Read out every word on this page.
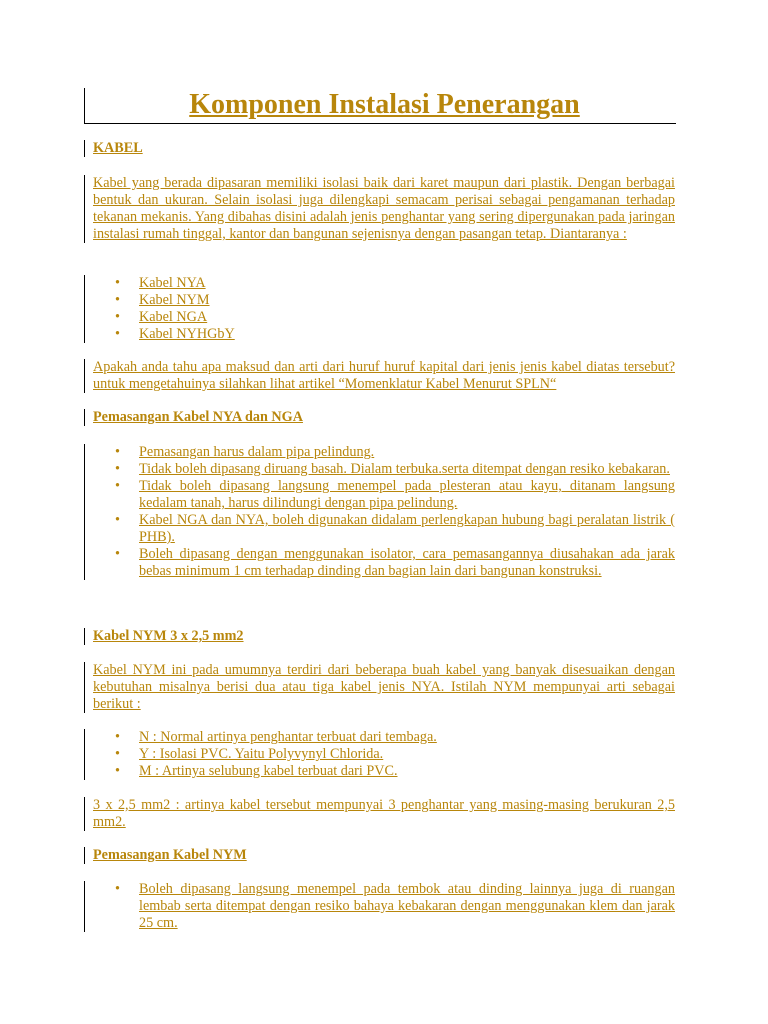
Komponen Instalasi Penerangan
KABEL
Kabel yang berada dipasaran memiliki isolasi baik dari karet maupun dari plastik. Dengan berbagai bentuk dan ukuran. Selain isolasi juga dilengkapi semacam perisai sebagai pengamanan terhadap tekanan mekanis. Yang dibahas disini adalah jenis penghantar yang sering dipergunakan pada jaringan instalasi rumah tinggal, kantor dan bangunan sejenisnya dengan pasangan tetap. Diantaranya :
• Kabel NYA
• Kabel NYM
• Kabel NGA
• Kabel NYHGbY
Apakah anda tahu apa maksud dan arti dari huruf huruf kapital dari jenis jenis kabel diatas tersebut? untuk mengetahuinya silahkan lihat artikel “Momenklatur Kabel Menurut SPLN“
Pemasangan Kabel NYA dan NGA
• Pemasangan harus dalam pipa pelindung.
• Tidak boleh dipasang diruang basah. Dialam terbuka.serta ditempat dengan resiko kebakaran.
• Tidak boleh dipasang langsung menempel pada plesteran atau kayu, ditanam langsung kedalam tanah, harus dilindungi dengan pipa pelindung.
• Kabel NGA dan NYA, boleh digunakan didalam perlengkapan hubung bagi peralatan listrik ( PHB).
• Boleh dipasang dengan menggunakan isolator, cara pemasangannya diusahakan ada jarak bebas minimum 1 cm terhadap dinding dan bagian lain dari bangunan konstruksi.
Kabel NYM 3 x 2,5 mm2
Kabel NYM ini pada umumnya terdiri dari beberapa buah kabel yang banyak disesuaikan dengan kebutuhan misalnya berisi dua atau tiga kabel jenis NYA. Istilah NYM mempunyai arti sebagai berikut :
• N : Normal artinya penghantar terbuat dari tembaga.
• Y : Isolasi PVC. Yaitu Polyvynyl Chlorida.
• M : Artinya selubung kabel terbuat dari PVC.
3 x 2,5 mm2 : artinya kabel tersebut mempunyai 3 penghantar yang masing-masing berukuran 2,5 mm2.
Pemasangan Kabel NYM
• Boleh dipasang langsung menempel pada tembok atau dinding lainnya juga di ruangan lembab serta ditempat dengan resiko bahaya kebakaran dengan menggunakan klem dan jarak 25 cm.
